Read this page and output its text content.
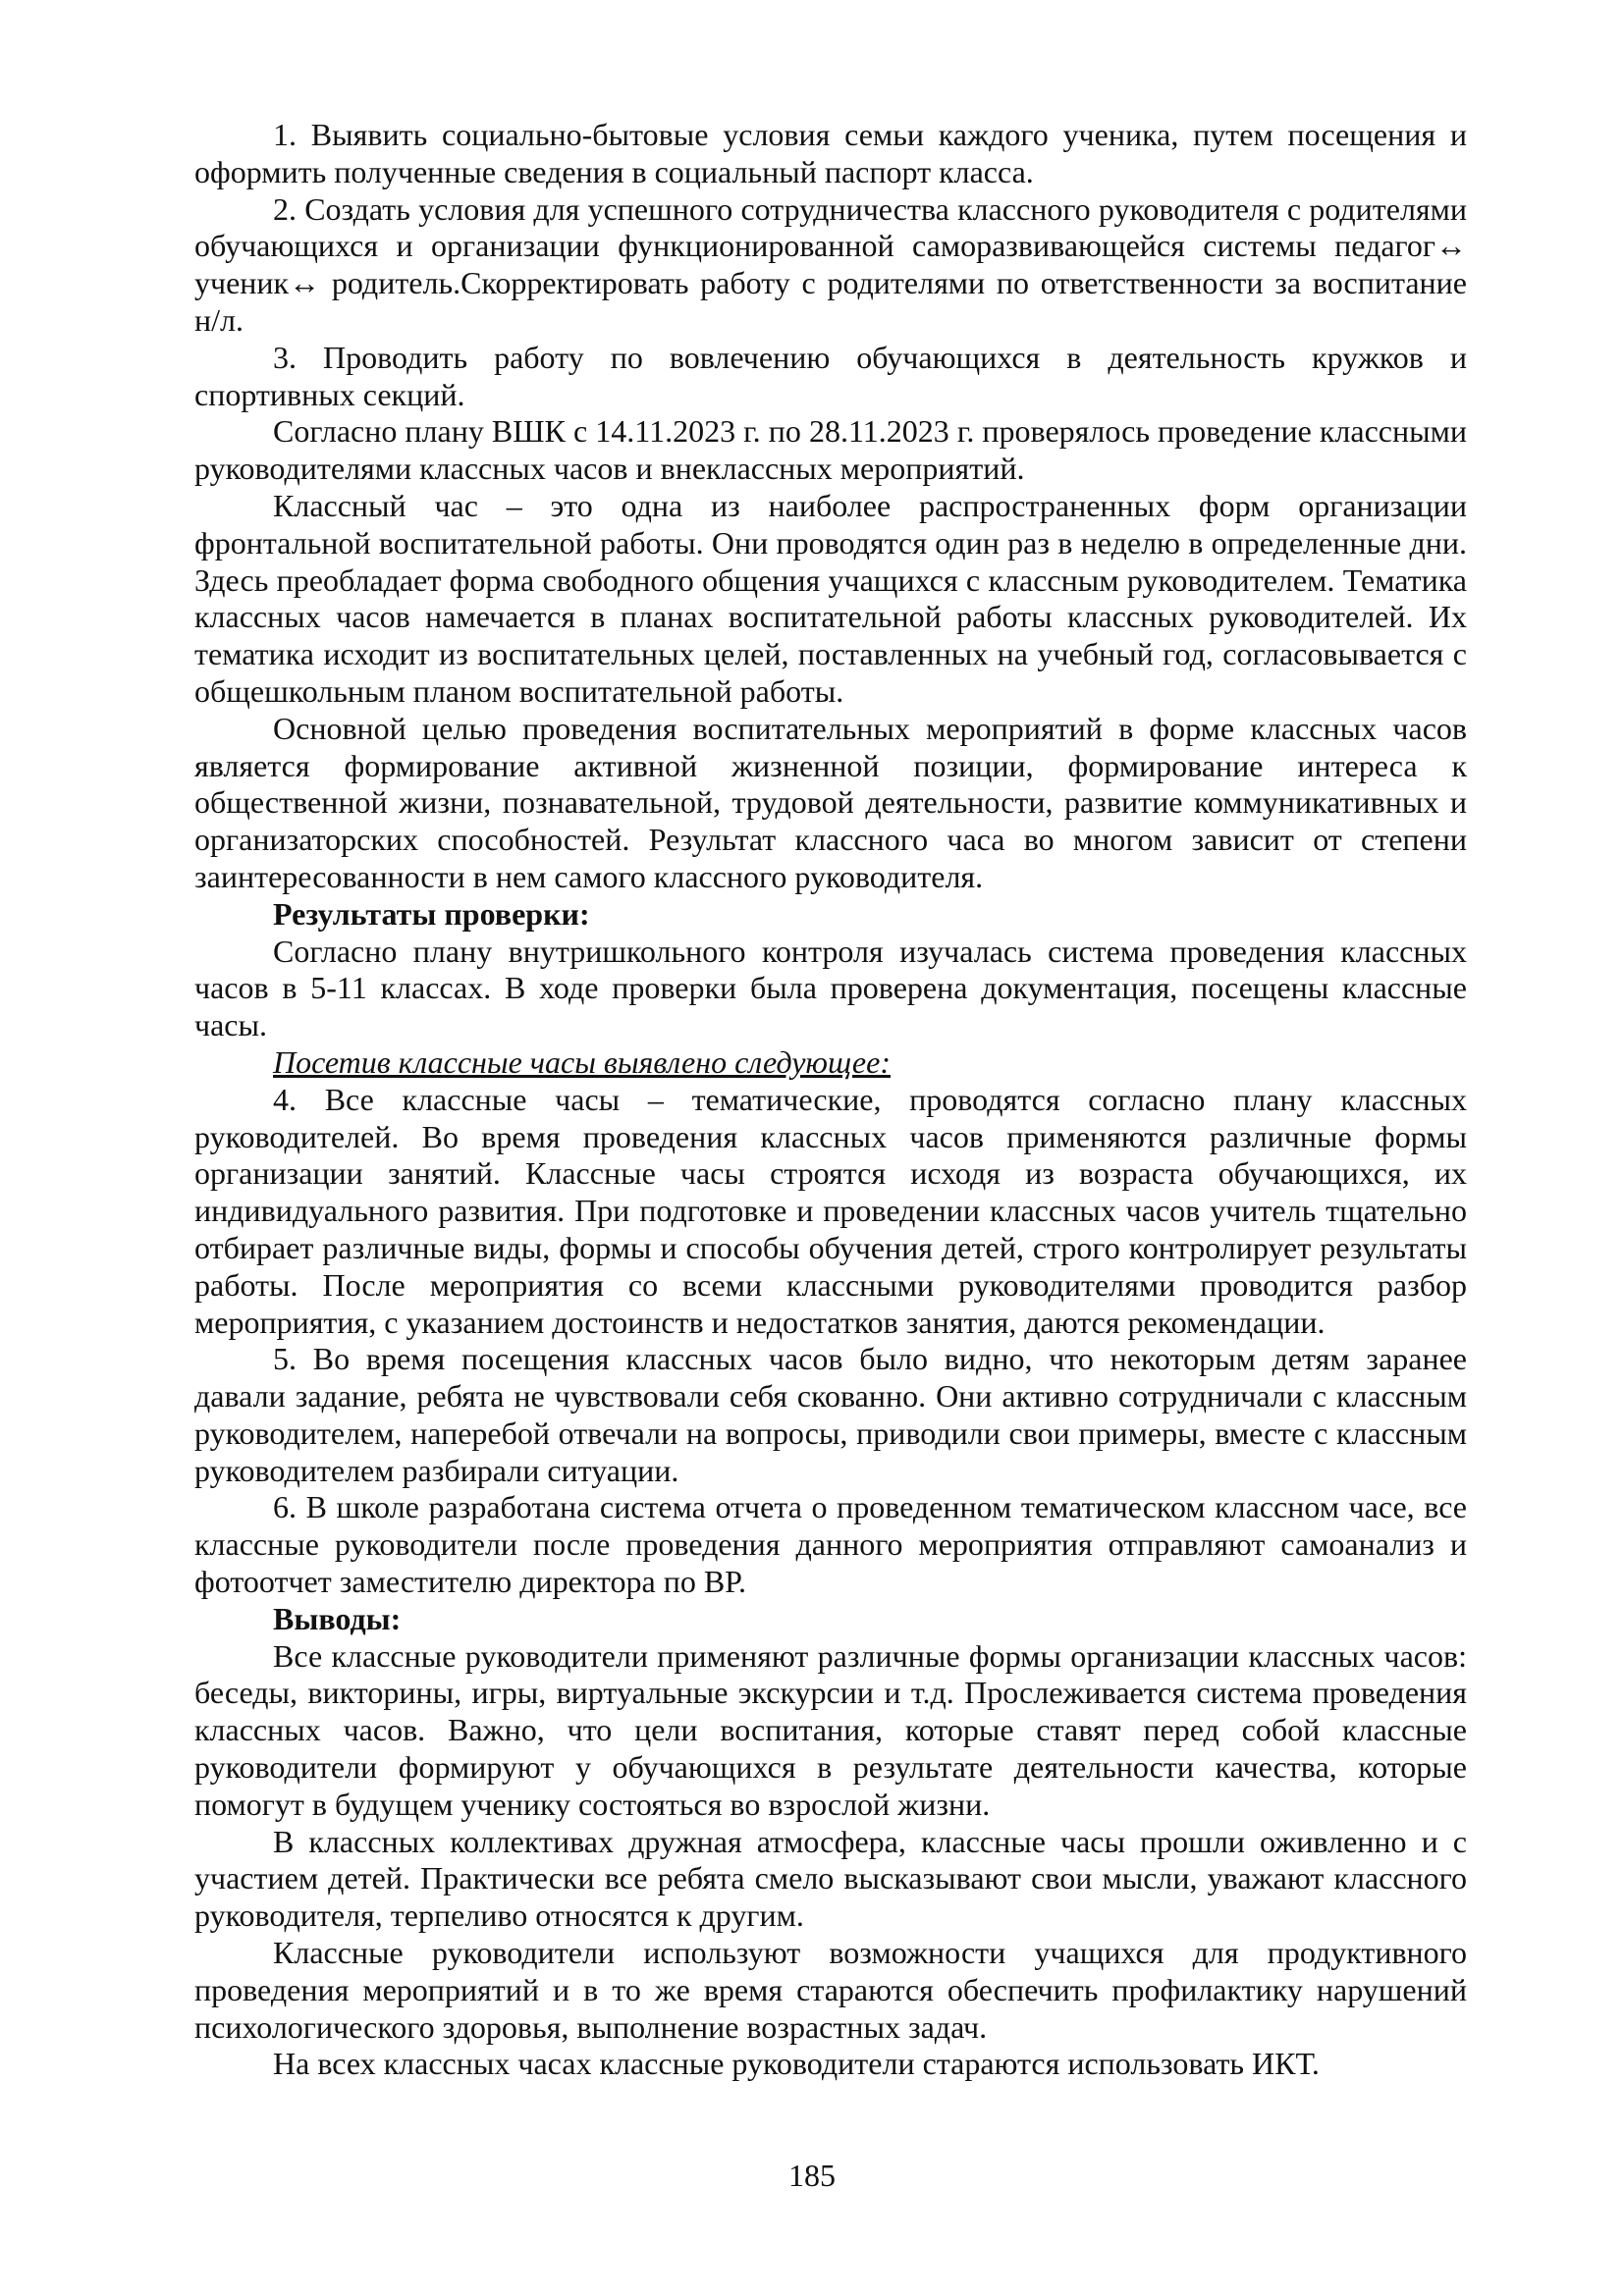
1. Выявить социально-бытовые условия семьи каждого ученика, путем посещения и оформить полученные сведения в социальный паспорт класса.

2. Создать условия для успешного сотрудничества классного руководителя с родителями обучающихся и организации функционированной саморазвивающейся системы педагог↔ ученик↔ родитель.Скорректировать работу с родителями по ответственности за воспитание н/л.

3. Проводить работу по вовлечению обучающихся в деятельность кружков и спортивных секций.

Согласно плану ВШК с 14.11.2023 г. по 28.11.2023 г. проверялось проведение классными руководителями классных часов и внеклассных мероприятий.

Классный час – это одна из наиболее распространенных форм организации фронтальной воспитательной работы. Они проводятся один раз в неделю в определенные дни. Здесь преобладает форма свободного общения учащихся с классным руководителем. Тематика классных часов намечается в планах воспитательной работы классных руководителей. Их тематика исходит из воспитательных целей, поставленных на учебный год, согласовывается с общешкольным планом воспитательной работы.

Основной целью проведения воспитательных мероприятий в форме классных часов является формирование активной жизненной позиции, формирование интереса к общественной жизни, познавательной, трудовой деятельности, развитие коммуникативных и организаторских способностей. Результат классного часа во многом зависит от степени заинтересованности в нем самого классного руководителя.

Результаты проверки:

Согласно плану внутришкольного контроля изучалась система проведения классных часов в 5-11 классах. В ходе проверки была проверена документация, посещены классные часы.

Посетив классные часы выявлено следующее:

4. Все классные часы – тематические, проводятся согласно плану классных руководителей. Во время проведения классных часов применяются различные формы организации занятий. Классные часы строятся исходя из возраста обучающихся, их индивидуального развития. При подготовке и проведении классных часов учитель тщательно отбирает различные виды, формы и способы обучения детей, строго контролирует результаты работы. После мероприятия со всеми классными руководителями проводится разбор мероприятия, с указанием достоинств и недостатков занятия, даются рекомендации.

5. Во время посещения классных часов было видно, что некоторым детям заранее давали задание, ребята не чувствовали себя скованно. Они активно сотрудничали с классным руководителем, наперебой отвечали на вопросы, приводили свои примеры, вместе с классным руководителем разбирали ситуации.

6. В школе разработана система отчета о проведенном тематическом классном часе, все классные руководители после проведения данного мероприятия отправляют самоанализ и фотоотчет заместителю директора по ВР.

Выводы:

Все классные руководители применяют различные формы организации классных часов: беседы, викторины, игры, виртуальные экскурсии и т.д. Прослеживается система проведения классных часов. Важно, что цели воспитания, которые ставят перед собой классные руководители формируют у обучающихся в результате деятельности качества, которые помогут в будущем ученику состояться во взрослой жизни.

В классных коллективах дружная атмосфера, классные часы прошли оживленно и с участием детей. Практически все ребята смело высказывают свои мысли, уважают классного руководителя, терпеливо относятся к другим.

Классные руководители используют возможности учащихся для продуктивного проведения мероприятий и в то же время стараются обеспечить профилактику нарушений психологического здоровья, выполнение возрастных задач.

На всех классных часах классные руководители стараются использовать ИКТ.

185
